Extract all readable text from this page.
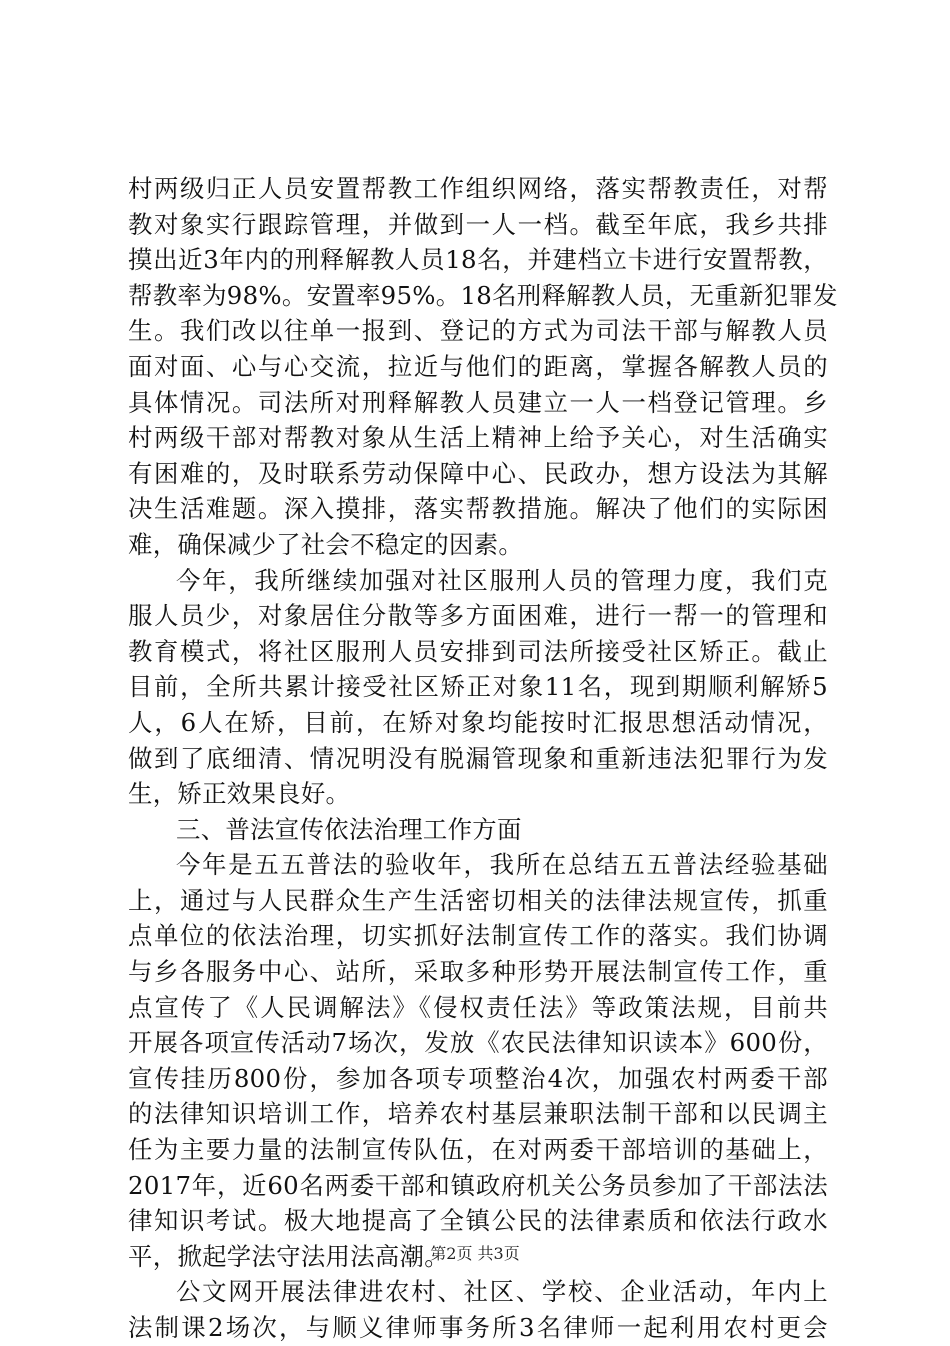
村两级归正人员安置帮教工作组织网络，落实帮教责任，对帮
教对象实行跟踪管理，并做到一人一档。截至年底，我乡共排
摸出近3年内的刑释解教人员18名，并建档立卡进行安置帮教，
帮教率为98%。安置率95%。18名刑释解教人员，无重新犯罪发
生。我们改以往单一报到、登记的方式为司法干部与解教人员
面对面、心与心交流，拉近与他们的距离，掌握各解教人员的
具体情况。司法所对刑释解教人员建立一人一档登记管理。乡
村两级干部对帮教对象从生活上精神上给予关心，对生活确实
有困难的，及时联系劳动保障中心、民政办，想方设法为其解
决生活难题。深入摸排，落实帮教措施。解决了他们的实际困
难，确保减少了社会不稳定的因素。
今年，我所继续加强对社区服刑人员的管理力度，我们克
服人员少，对象居住分散等多方面困难，进行一帮一的管理和
教育模式，将社区服刑人员安排到司法所接受社区矫正。截止
目前，全所共累计接受社区矫正对象11名，现到期顺利解矫5
人，6人在矫，目前，在矫对象均能按时汇报思想活动情况，
做到了底细清、情况明没有脱漏管现象和重新违法犯罪行为发
生，矫正效果良好。
三、普法宣传依法治理工作方面
今年是五五普法的验收年，我所在总结五五普法经验基础
上，通过与人民群众生产生活密切相关的法律法规宣传，抓重
点单位的依法治理，切实抓好法制宣传工作的落实。我们协调
与乡各服务中心、站所，采取多种形势开展法制宣传工作，重
点宣传了《人民调解法》《侵权责任法》等政策法规，目前共
开展各项宣传活动7场次，发放《农民法律知识读本》600份，
宣传挂历800份，参加各项专项整治4次，加强农村两委干部
的法律知识培训工作，培养农村基层兼职法制干部和以民调主
任为主要力量的法制宣传队伍，在对两委干部培训的基础上，
2017年，近60名两委干部和镇政府机关公务员参加了干部法法
律知识考试。极大地提高了全镇公民的法律素质和依法行政水
平，掀起学法守法用法高潮。
公文网开展法律进农村、社区、学校、企业活动，年内上
法制课2场次，与顺义律师事务所3名律师一起利用农村更会
第2页 共3页
